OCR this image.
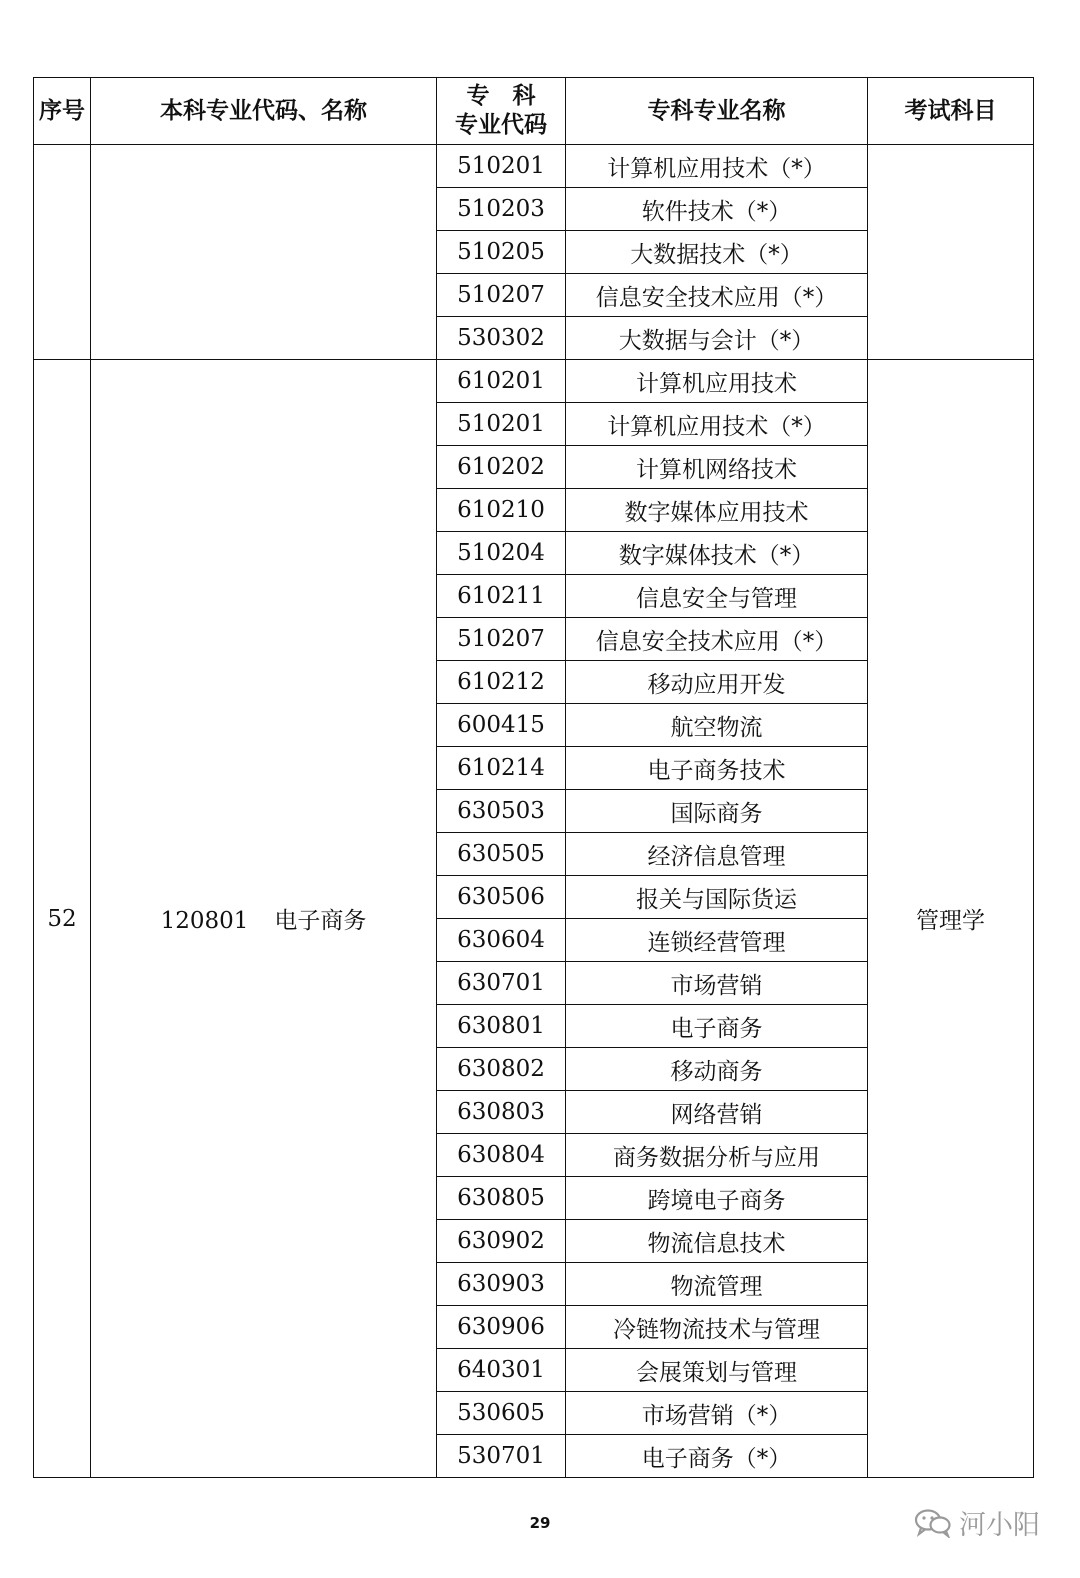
序号	本科专业代码、名称	专　科
专业代码	专科专业名称	考试科目
		510201	计算机应用技术（*）	
		510203	软件技术（*）	
		510205	大数据技术（*）	
		510207	信息安全技术应用（*）	
		530302	大数据与会计（*）	
52	120801 电子商务	610201	计算机应用技术	管理学
		510201	计算机应用技术（*）	
		610202	计算机网络技术	
		610210	数字媒体应用技术	
		510204	数字媒体技术（*）	
		610211	信息安全与管理	
		510207	信息安全技术应用（*）	
		610212	移动应用开发	
		600415	航空物流	
		610214	电子商务技术	
		630503	国际商务	
		630505	经济信息管理	
		630506	报关与国际货运	
		630604	连锁经营管理	
		630701	市场营销	
		630801	电子商务	
		630802	移动商务	
		630803	网络营销	
		630804	商务数据分析与应用	
		630805	跨境电子商务	
		630902	物流信息技术	
		630903	物流管理	
		630906	冷链物流技术与管理	
		640301	会展策划与管理	
		530605	市场营销（*）	
		530701	电子商务（*）	
29	河小阳
